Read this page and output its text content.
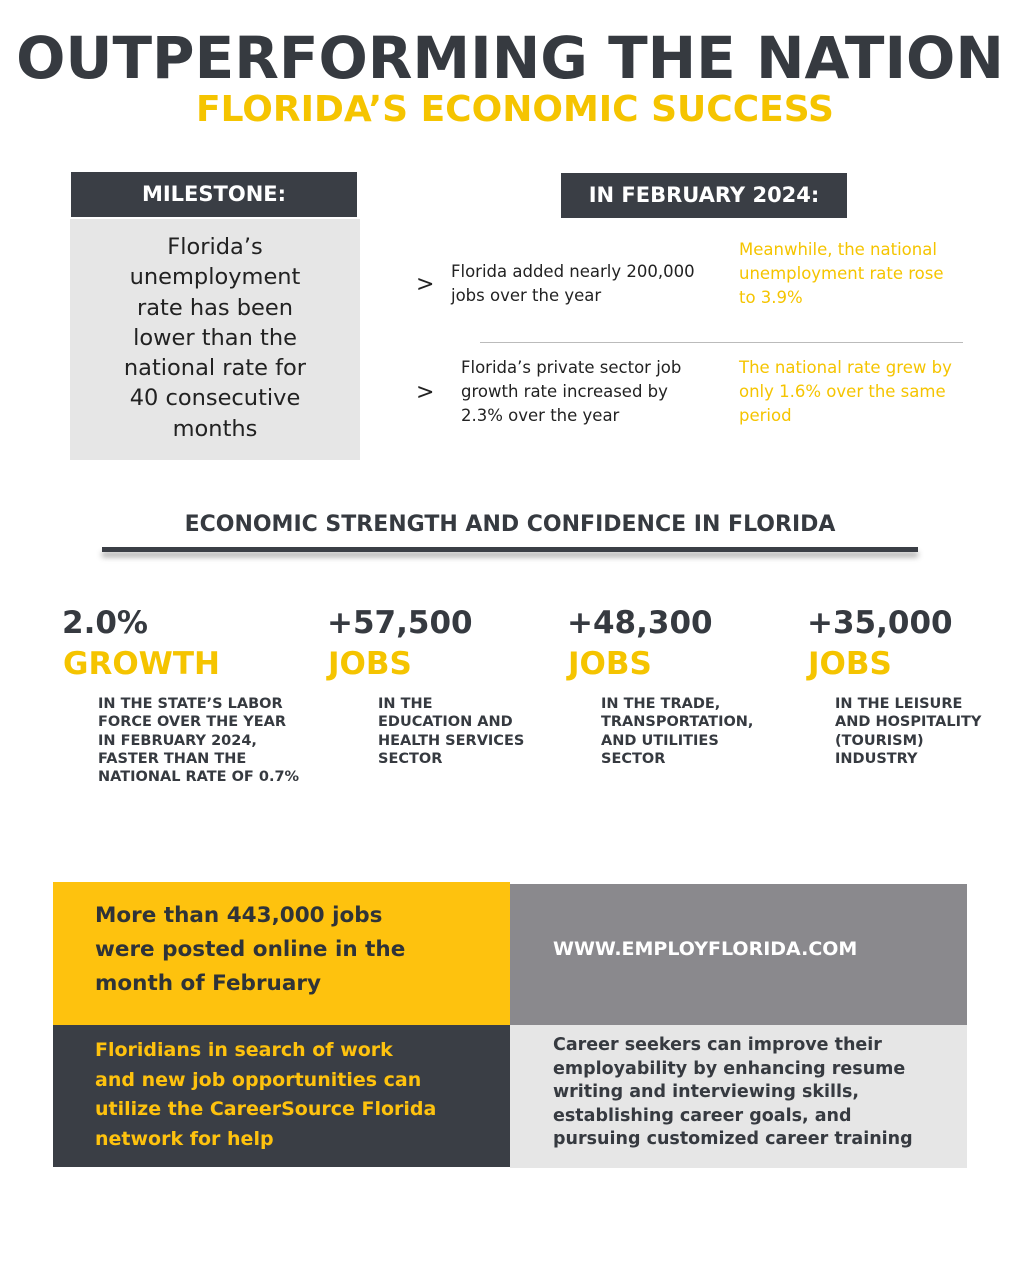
OUTPERFORMING THE NATION
FLORIDA’S ECONOMIC SUCCESS
MILESTONE:
Florida’s
unemployment
rate has been
lower than the
national rate for
40 consecutive
months
IN FEBRUARY 2024:
>
Florida added nearly 200,000
jobs over the year
Meanwhile, the national
unemployment rate rose
to 3.9%
>
Florida’s private sector job
growth rate increased by
2.3% over the year
The national rate grew by
only 1.6% over the same
period
ECONOMIC STRENGTH AND CONFIDENCE IN FLORIDA
2.0%
GROWTH
IN THE STATE’S LABOR
FORCE OVER THE YEAR
IN FEBRUARY 2024,
FASTER THAN THE
NATIONAL RATE OF 0.7%
+57,500
JOBS
IN THE
EDUCATION AND
HEALTH SERVICES
SECTOR
+48,300
JOBS
IN THE TRADE,
TRANSPORTATION,
AND UTILITIES
SECTOR
+35,000
JOBS
IN THE LEISURE
AND HOSPITALITY
(TOURISM)
INDUSTRY
More than 443,000 jobs
were posted online in the
month of February
WWW.EMPLOYFLORIDA.COM
Floridians in search of work
and new job opportunities can
utilize the CareerSource Florida
network for help
Career seekers can improve their
employability by enhancing resume
writing and interviewing skills,
establishing career goals, and
pursuing customized career training
